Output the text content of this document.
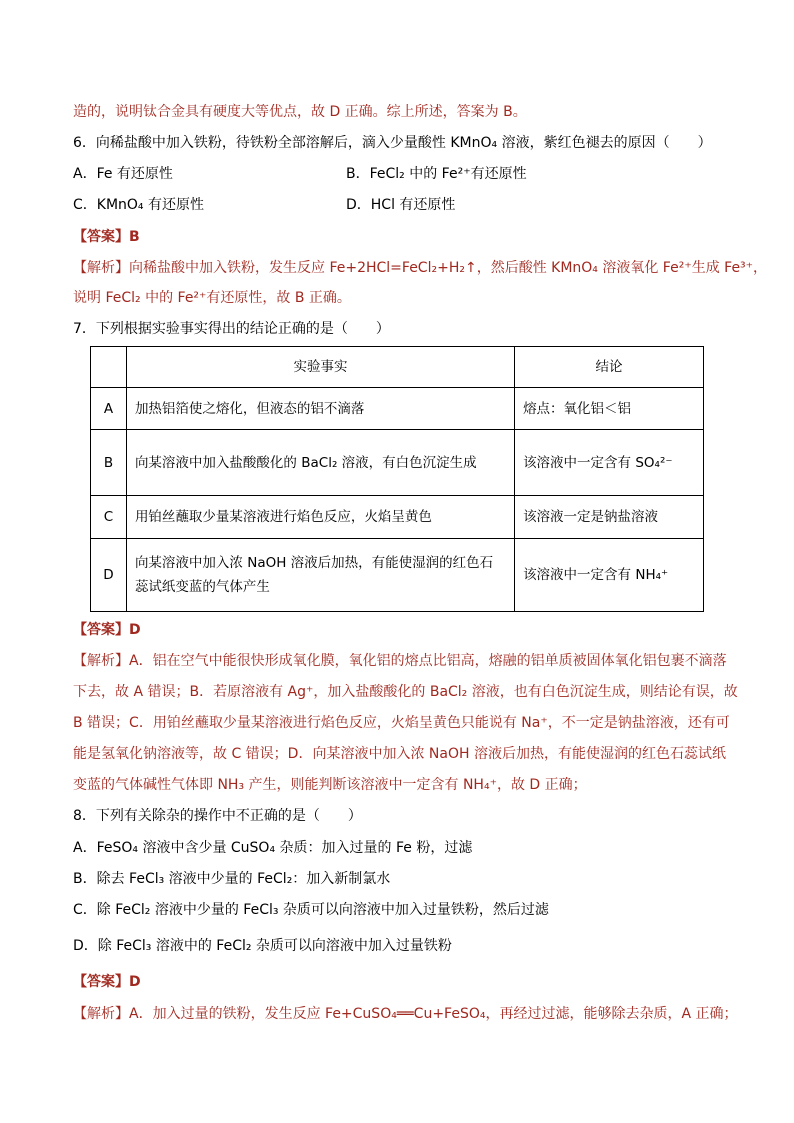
造的，说明钛合金具有硬度大等优点，故 D 正确。综上所述，答案为 B。
6．向稀盐酸中加入铁粉，待铁粉全部溶解后，滴入少量酸性 KMnO₄ 溶液，紫红色褪去的原因（　　）
A．Fe 有还原性	B．FeCl₂ 中的 Fe²⁺有还原性
C．KMnO₄ 有还原性	D．HCl 有还原性
【答案】B
【解析】向稀盐酸中加入铁粉，发生反应 Fe+2HCl=FeCl₂+H₂↑，然后酸性 KMnO₄ 溶液氧化 Fe²⁺生成 Fe³⁺，
说明 FeCl₂ 中的 Fe²⁺有还原性，故 B 正确。
7．下列根据实验事实得出的结论正确的是（　　）
	实验事实	结论
A	加热铝箔使之熔化，但液态的铝不滴落	熔点：氧化铝＜铝
B	向某溶液中加入盐酸酸化的 BaCl₂ 溶液，有白色沉淀生成	该溶液中一定含有 SO₄²⁻
C	用铂丝蘸取少量某溶液进行焰色反应，火焰呈黄色	该溶液一定是钠盐溶液
D	向某溶液中加入浓 NaOH 溶液后加热，有能使湿润的红色石
蕊试纸变蓝的气体产生	该溶液中一定含有 NH₄⁺
【答案】D
【解析】A．铝在空气中能很快形成氧化膜，氧化铝的熔点比铝高，熔融的铝单质被固体氧化铝包裹不滴落
下去，故 A 错误；B．若原溶液有 Ag⁺，加入盐酸酸化的 BaCl₂ 溶液，也有白色沉淀生成，则结论有误，故
B 错误；C．用铂丝蘸取少量某溶液进行焰色反应，火焰呈黄色只能说有 Na⁺，不一定是钠盐溶液，还有可
能是氢氧化钠溶液等，故 C 错误；D．向某溶液中加入浓 NaOH 溶液后加热，有能使湿润的红色石蕊试纸
变蓝的气体碱性气体即 NH₃ 产生，则能判断该溶液中一定含有 NH₄⁺，故 D 正确；
8．下列有关除杂的操作中不正确的是（　　）
A．FeSO₄ 溶液中含少量 CuSO₄ 杂质：加入过量的 Fe 粉，过滤
B．除去 FeCl₃ 溶液中少量的 FeCl₂：加入新制氯水
C．除 FeCl₂ 溶液中少量的 FeCl₃ 杂质可以向溶液中加入过量铁粉，然后过滤
D．除 FeCl₃ 溶液中的 FeCl₂ 杂质可以向溶液中加入过量铁粉
【答案】D
【解析】A．加入过量的铁粉，发生反应 Fe+CuSO₄══Cu+FeSO₄，再经过过滤，能够除去杂质，A 正确；
